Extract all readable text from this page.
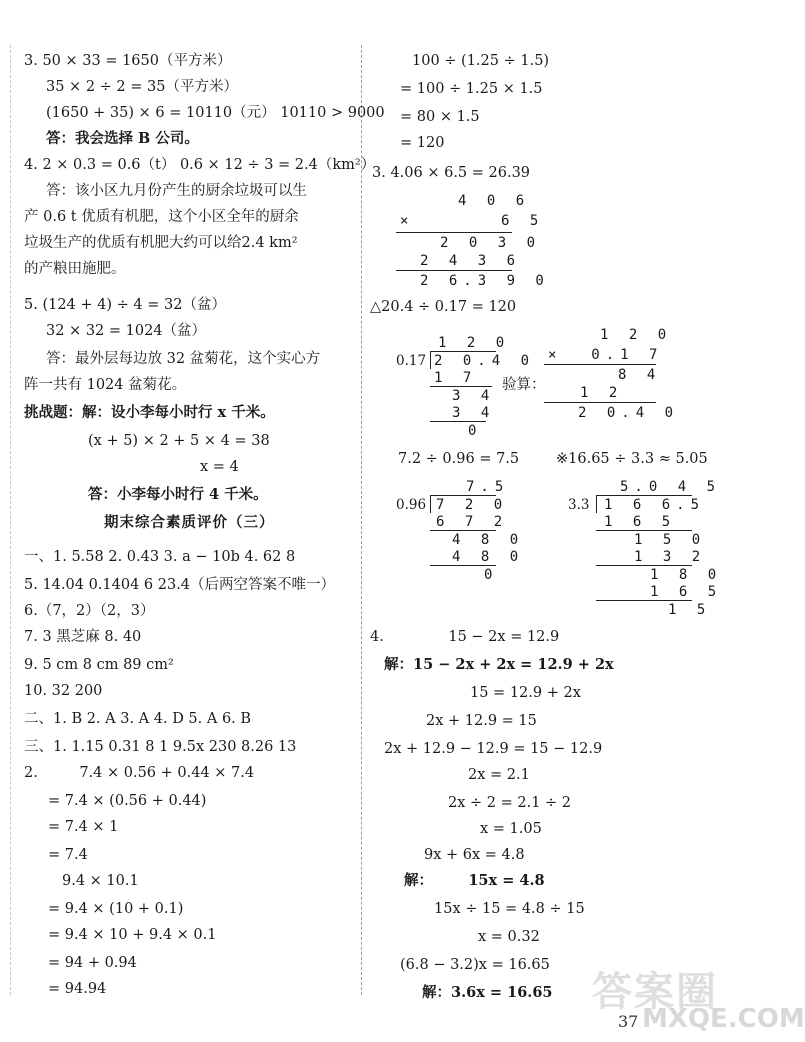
3. 50 × 33 = 1650（平方米）
35 × 2 ÷ 2 = 35（平方米）
(1650 + 35) × 6 = 10110（元） 10110 > 9000
答：我会选择 B 公司。
4. 2 × 0.3 = 0.6（t） 0.6 × 12 ÷ 3 = 2.4（km²）
答：该小区九月份产生的厨余垃圾可以生
产 0.6 t 优质有机肥，这个小区全年的厨余
垃圾生产的优质有机肥大约可以给2.4 km²
的产粮田施肥。
5. (124 + 4) ÷ 4 = 32（盆）
32 × 32 = 1024（盆）
答：最外层每边放 32 盆菊花，这个实心方
阵一共有 1024 盆菊花。
挑战题：解：设小李每小时行 x 千米。
(x + 5) × 2 + 5 × 4 = 38
x = 4
答：小李每小时行 4 千米。
期末综合素质评价（三）
一、1. 5.58 2. 0.43 3. a − 10b 4. 62 8
5. 14.04 0.1404 6 23.4（后两空答案不唯一）
6.（7，2）（2，3）
7. 3 黑芝麻 8. 40
9. 5 cm 8 cm 89 cm²
10. 32 200
二、1. B 2. A 3. A 4. D 5. A 6. B
三、1. 1.15 0.31 8 1 9.5x 230 8.26 13
2.         7.4 × 0.56 + 0.44 × 7.4
= 7.4 × (0.56 + 0.44)
= 7.4 × 1
= 7.4
9.4 × 10.1
= 9.4 × (10 + 0.1)
= 9.4 × 10 + 9.4 × 0.1
= 94 + 0.94
= 94.94
100 ÷ (1.25 ÷ 1.5)
= 100 ÷ 1.25 × 1.5
= 80 × 1.5
= 120
3. 4.06 × 6.5 = 26.39
4 0 6
×      6 5
2 0 3 0
2 4 3 6
2 6.3 9 0
△20.4 ÷ 0.17 = 120
1 2 0
0.17 2 0.4 0
1 7
3 4
3 4
0
验算：
1 2 0
×  0.1 7
8 4
1 2
2 0.4 0
7.2 ÷ 0.96 = 7.5
7.5
0.96 7 2 0
6 7 2
4 8 0
4 8 0
0
※16.65 ÷ 3.3 ≈ 5.05
5.0 4 5
3.3 1 6 6.5
1 6 5
1 5 0
1 3 2
1 8 0
1 6 5
1 5
4.              15 − 2x = 12.9
解：15 − 2x + 2x = 12.9 + 2x
15 = 12.9 + 2x
2x + 12.9 = 15
2x + 12.9 − 12.9 = 15 − 12.9
2x = 2.1
2x ÷ 2 = 2.1 ÷ 2
x = 1.05
9x + 6x = 4.8
解：       15x = 4.8
15x ÷ 15 = 4.8 ÷ 15
x = 0.32
(6.8 − 3.2)x = 16.65
解：3.6x = 16.65 答案圈
MXQE.COM
37
